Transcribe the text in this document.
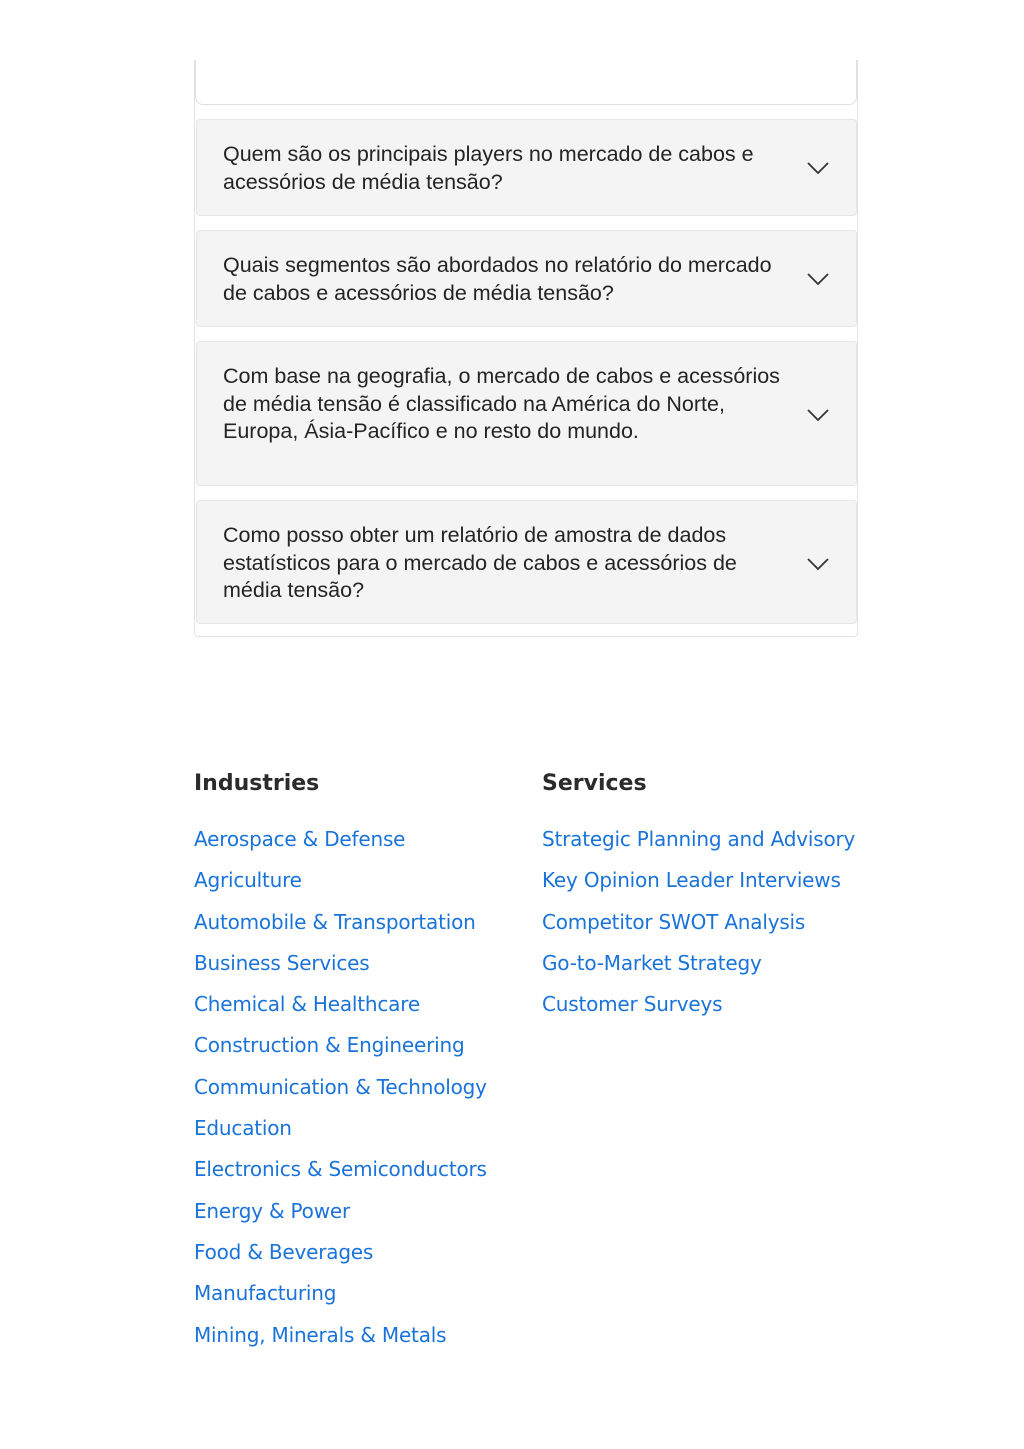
Quem são os principais players no mercado de cabos e acessórios de média tensão?
Quais segmentos são abordados no relatório do mercado de cabos e acessórios de média tensão?
Com base na geografia, o mercado de cabos e acessórios de média tensão é classificado na América do Norte, Europa, Ásia-Pacífico e no resto do mundo.
Como posso obter um relatório de amostra de dados estatísticos para o mercado de cabos e acessórios de média tensão?
Industries
Aerospace & Defense
Agriculture
Automobile & Transportation
Business Services
Chemical & Healthcare
Construction & Engineering
Communication & Technology
Education
Electronics & Semiconductors
Energy & Power
Food & Beverages
Manufacturing
Mining, Minerals & Metals
Services
Strategic Planning and Advisory
Key Opinion Leader Interviews
Competitor SWOT Analysis
Go-to-Market Strategy
Customer Surveys
